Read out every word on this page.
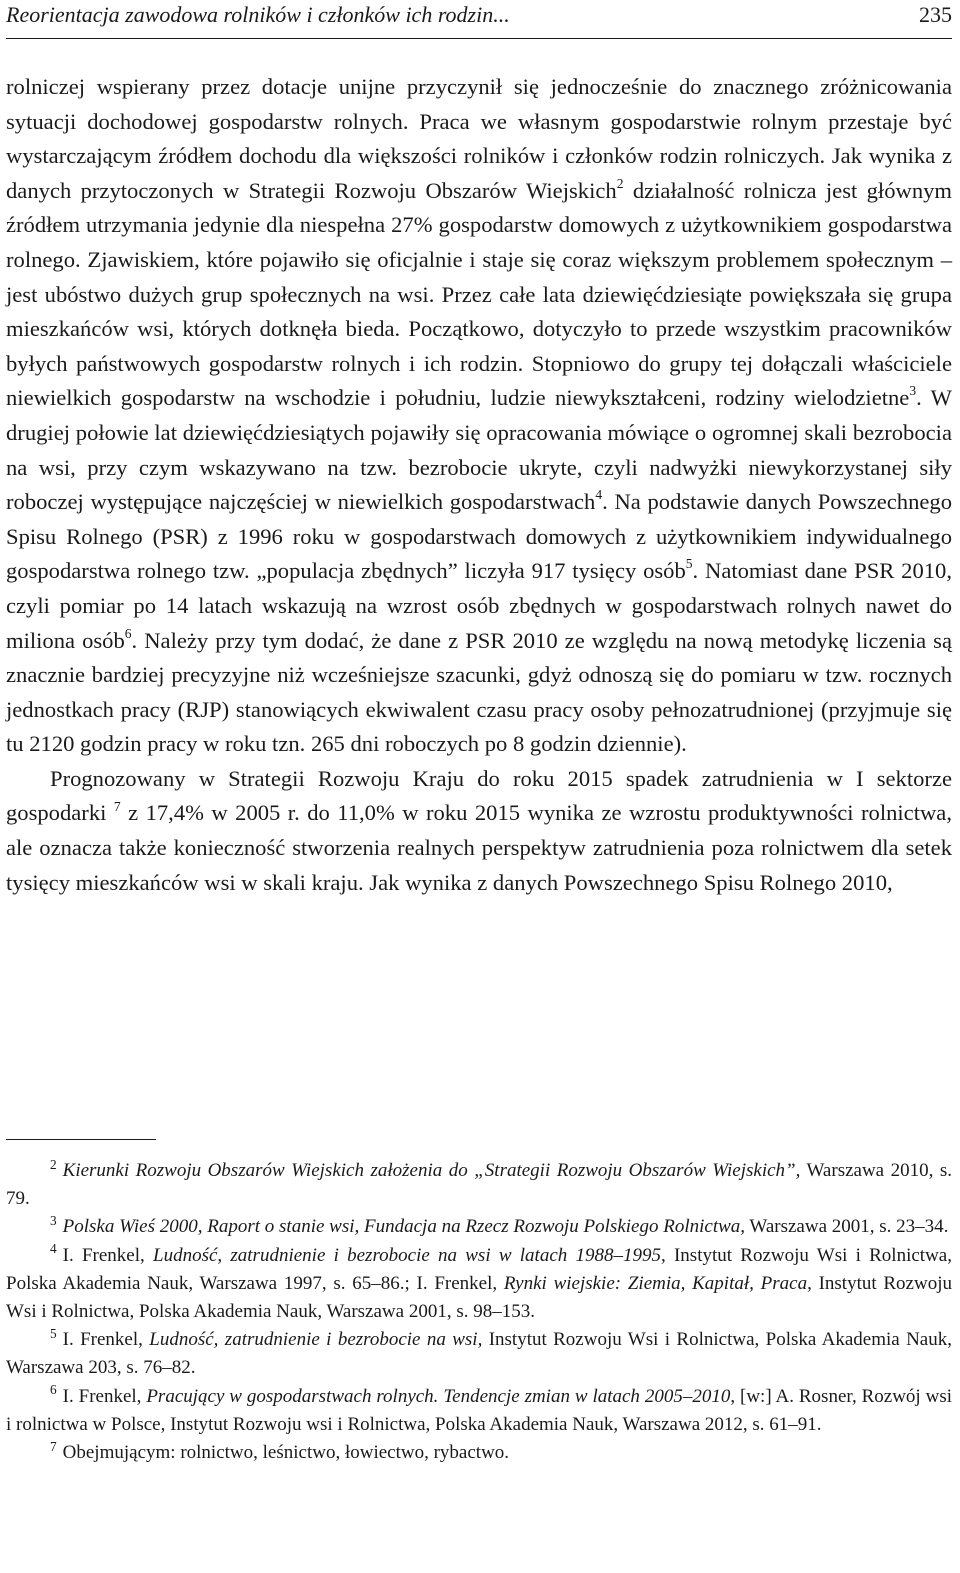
Reorientacja zawodowa rolników i członków ich rodzin...	235

rolniczej wspierany przez dotacje unijne przyczynił się jednocześnie do znacznego zróżnicowania sytuacji dochodowej gospodarstw rolnych. Praca we własnym gospodarstwie rolnym przestaje być wystarczającym źródłem dochodu dla większości rolników i członków rodzin rolniczych. Jak wynika z danych przytoczonych w Strategii Rozwoju Obszarów Wiejskich$^2$ działalność rolnicza jest głównym źródłem utrzymania jedynie dla niespełna 27% gospodarstw domowych z użytkownikiem gospodarstwa rolnego. Zjawiskiem, które pojawiło się oficjalnie i staje się coraz większym problemem społecznym – jest ubóstwo dużych grup społecznych na wsi. Przez całe lata dziewięćdziesiąte powiększała się grupa mieszkańców wsi, których dotknęła bieda. Początkowo, dotyczyło to przede wszystkim pracowników byłych państwowych gospodarstw rolnych i ich rodzin. Stopniowo do grupy tej dołączali właściciele niewielkich gospodarstw na wschodzie i południu, ludzie niewykształceni, rodziny wielodzietne$^3$. W drugiej połowie lat dziewięćdziesiątych pojawiły się opracowania mówiące o ogromnej skali bezrobocia na wsi, przy czym wskazywano na tzw. bezrobocie ukryte, czyli nadwyżki niewykorzystanej siły roboczej występujące najczęściej w niewielkich gospodarstwach$^4$. Na podstawie danych Powszechnego Spisu Rolnego (PSR) z 1996 roku w gospodarstwach domowych z użytkownikiem indywidualnego gospodarstwa rolnego tzw. „populacja zbędnych” liczyła 917 tysięcy osób$^5$. Natomiast dane PSR 2010, czyli pomiar po 14 latach wskazują na wzrost osób zbędnych w gospodarstwach rolnych nawet do miliona osób$^6$. Należy przy tym dodać, że dane z PSR 2010 ze względu na nową metodykę liczenia są znacznie bardziej precyzyjne niż wcześniejsze szacunki, gdyż odnoszą się do pomiaru w tzw. rocznych jednostkach pracy (RJP) stanowiących ekwiwalent czasu pracy osoby pełnozatrudnionej (przyjmuje się tu 2120 godzin pracy w roku tzn. 265 dni roboczych po 8 godzin dziennie).

Prognozowany w Strategii Rozwoju Kraju do roku 2015 spadek zatrudnienia w I sektorze gospodarki $^7$ z 17,4% w 2005 r. do 11,0% w roku 2015 wynika ze wzrostu produktywności rolnictwa, ale oznacza także konieczność stworzenia realnych perspektyw zatrudnienia poza rolnictwem dla setek tysięcy mieszkańców wsi w skali kraju. Jak wynika z danych Powszechnego Spisu Rolnego 2010,

$^2$ Kierunki Rozwoju Obszarów Wiejskich założenia do „Strategii Rozwoju Obszarów Wiejskich”, Warszawa 2010, s. 79.

$^3$ Polska Wieś 2000, Raport o stanie wsi, Fundacja na Rzecz Rozwoju Polskiego Rolnictwa, Warszawa 2001, s. 23–34.

$^4$ I. Frenkel, Ludność, zatrudnienie i bezrobocie na wsi w latach 1988–1995, Instytut Rozwoju Wsi i Rolnictwa, Polska Akademia Nauk, Warszawa 1997, s. 65–86.; I. Frenkel, Rynki wiejskie: Ziemia, Kapitał, Praca, Instytut Rozwoju Wsi i Rolnictwa, Polska Akademia Nauk, Warszawa 2001, s. 98–153.

$^5$ I. Frenkel, Ludność, zatrudnienie i bezrobocie na wsi, Instytut Rozwoju Wsi i Rolnictwa, Polska Akademia Nauk, Warszawa 203, s. 76–82.

$^6$ I. Frenkel, Pracujący w gospodarstwach rolnych. Tendencje zmian w latach 2005–2010, [w:] A. Rosner, Rozwój wsi i rolnictwa w Polsce, Instytut Rozwoju wsi i Rolnictwa, Polska Akademia Nauk, Warszawa 2012, s. 61–91.

$^7$ Obejmującym: rolnictwo, leśnictwo, łowiectwo, rybactwo.
